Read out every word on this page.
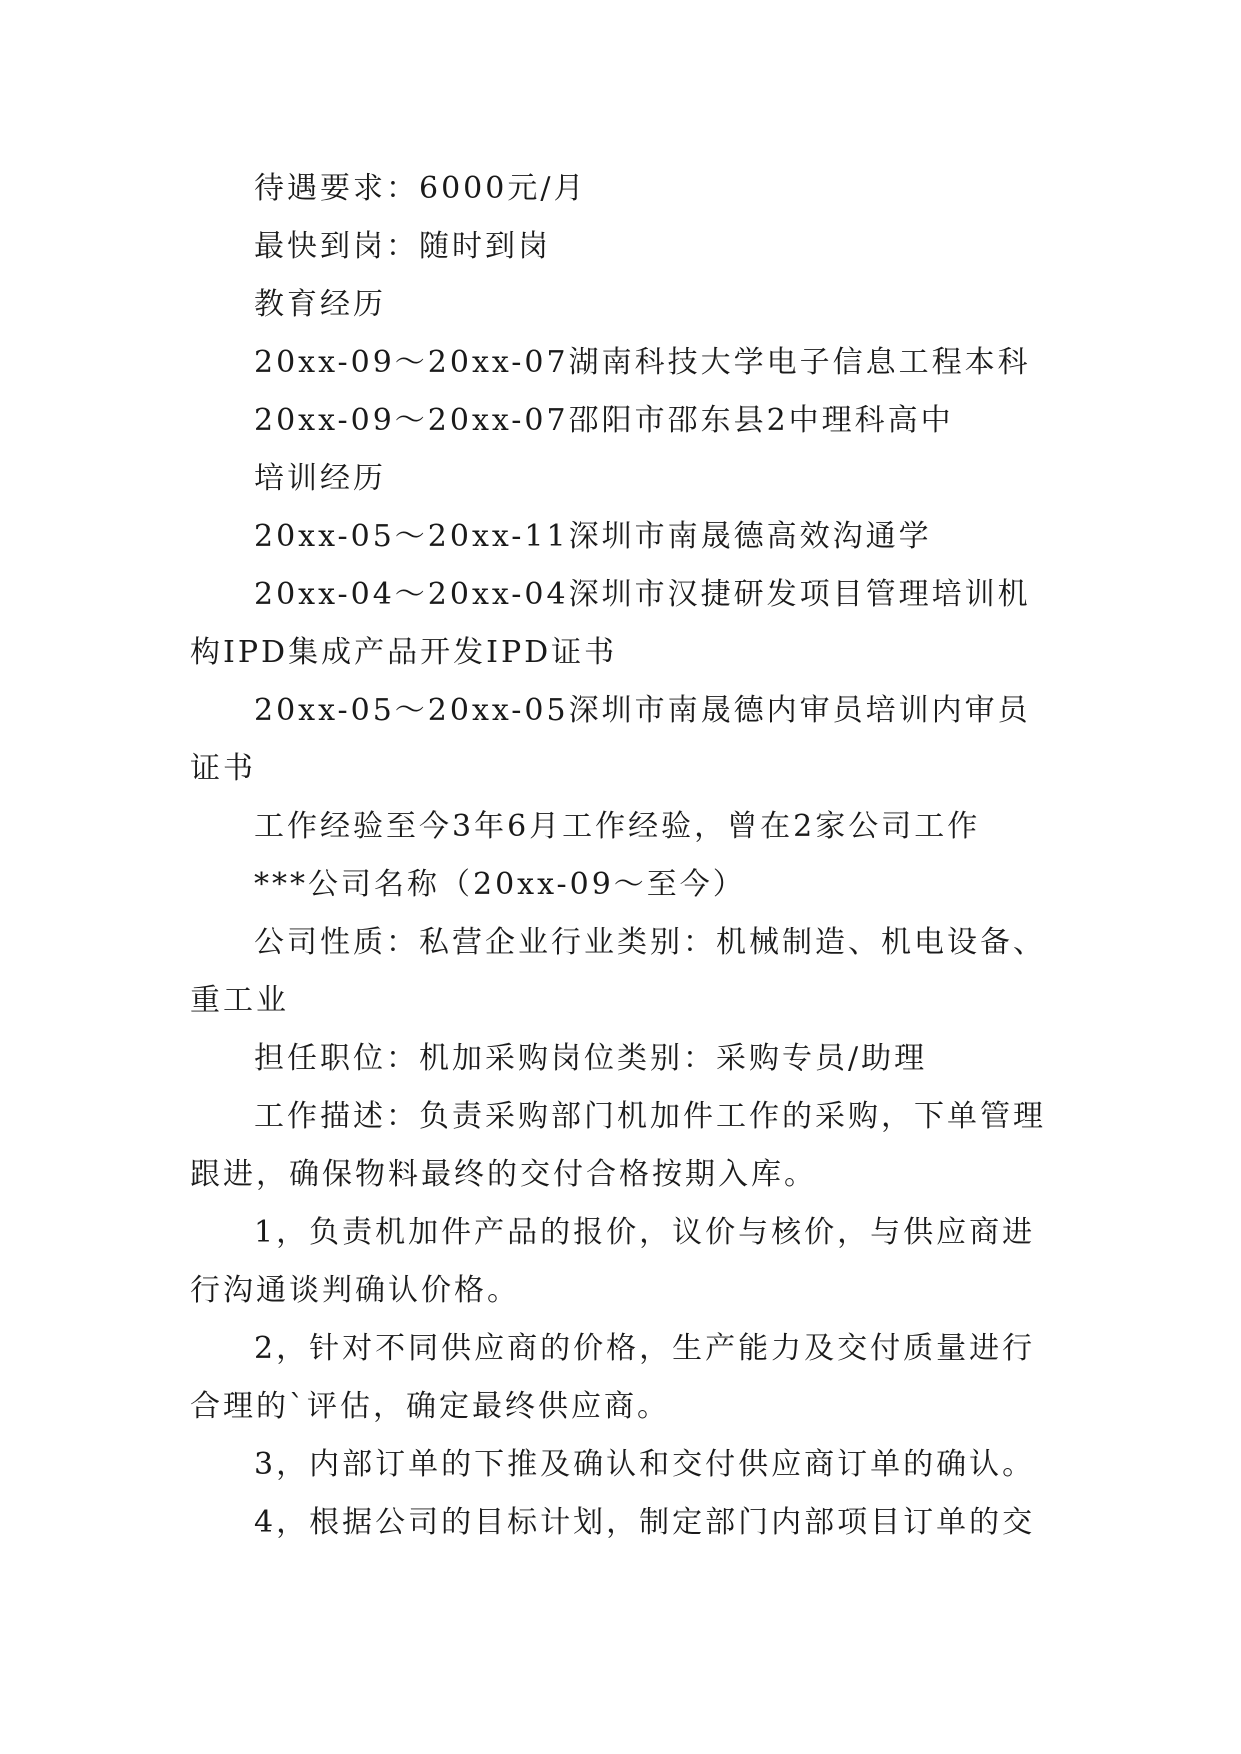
待遇要求：6000元/月

最快到岗：随时到岗

教育经历

20xx-09～20xx-07湖南科技大学电子信息工程本科

20xx-09～20xx-07邵阳市邵东县2中理科高中

培训经历

20xx-05～20xx-11深圳市南晟德高效沟通学

20xx-04～20xx-04深圳市汉捷研发项目管理培训机构IPD集成产品开发IPD证书

20xx-05～20xx-05深圳市南晟德内审员培训内审员证书

工作经验至今3年6月工作经验，曾在2家公司工作

***公司名称（20xx-09～至今）

公司性质：私营企业行业类别：机械制造、机电设备、重工业

担任职位：机加采购岗位类别：采购专员/助理

工作描述：负责采购部门机加件工作的采购，下单管理跟进，确保物料最终的交付合格按期入库。

1，负责机加件产品的报价，议价与核价，与供应商进行沟通谈判确认价格。

2，针对不同供应商的价格，生产能力及交付质量进行合理的`评估，确定最终供应商。

3，内部订单的下推及确认和交付供应商订单的确认。

4，根据公司的目标计划，制定部门内部项目订单的交
